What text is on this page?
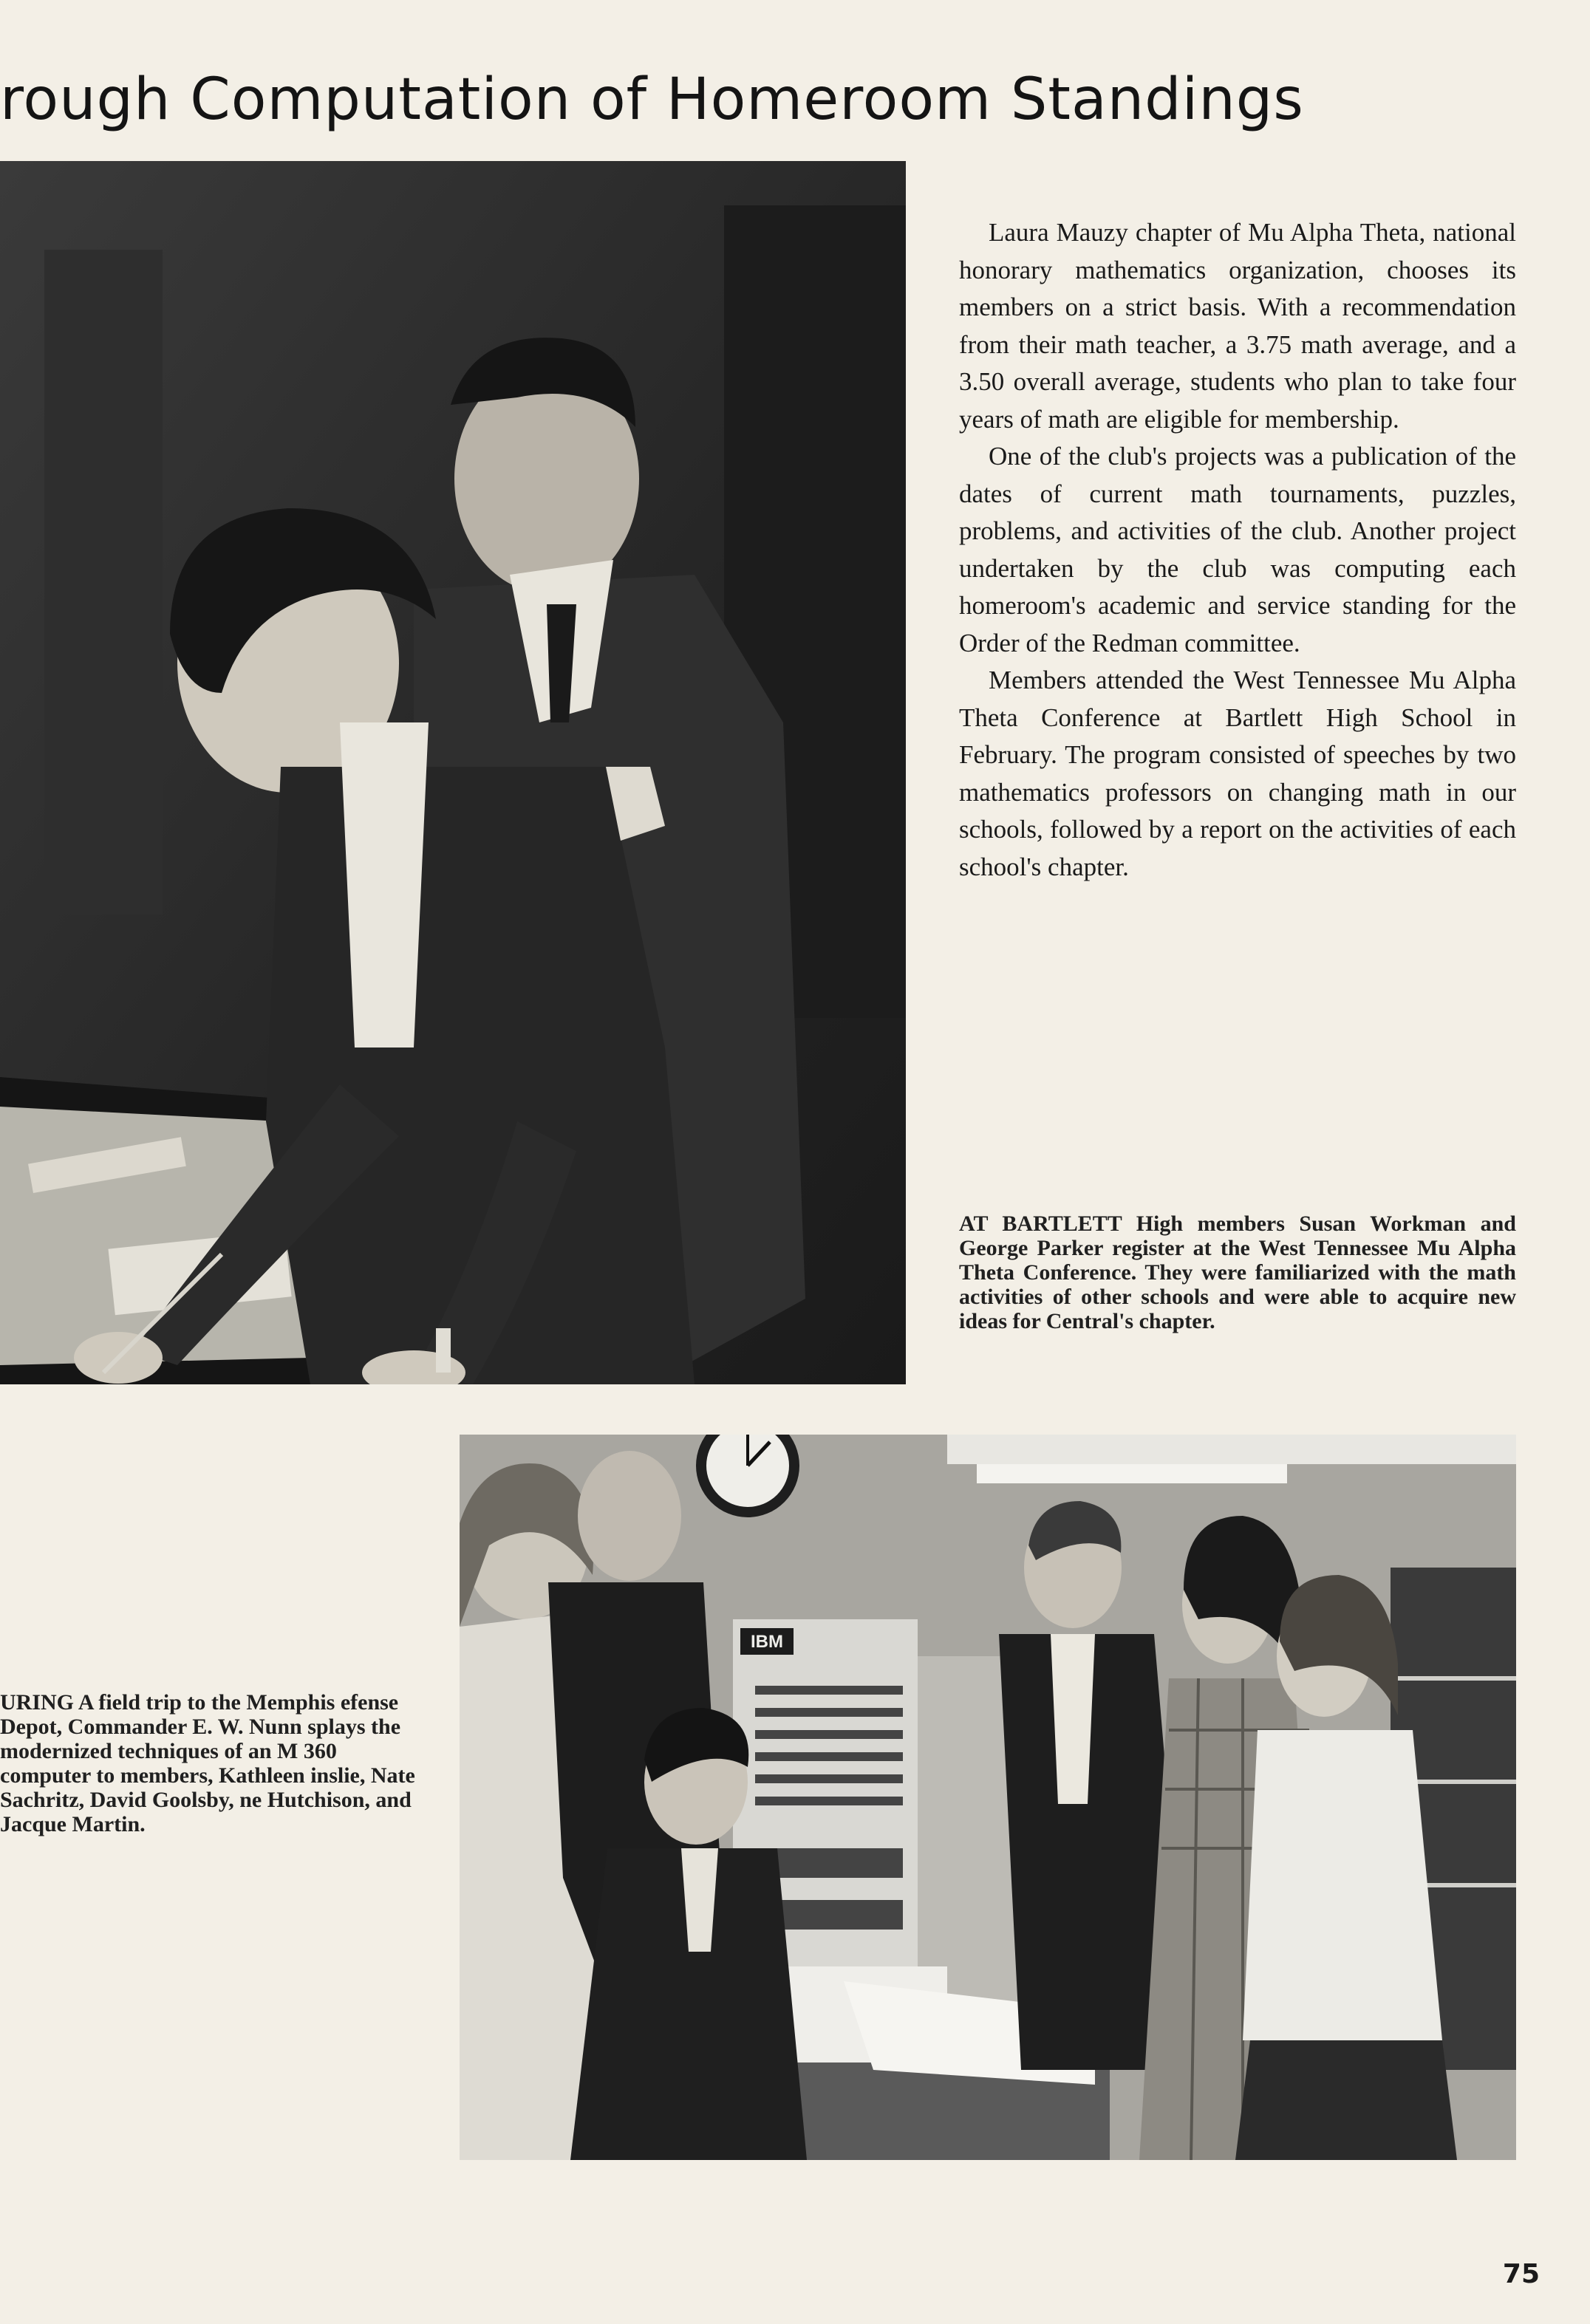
rough Computation of Homeroom Standings

Laura Mauzy chapter of Mu Alpha Theta, national honorary mathematics organization, chooses its members on a strict basis. With a recommendation from their math teacher, a 3.75 math average, and a 3.50 overall average, students who plan to take four years of math are eligible for membership.

One of the club's projects was a publication of the dates of current math tournaments, puzzles, problems, and activities of the club. Another project undertaken by the club was computing each homeroom's academic and service standing for the Order of the Redman committee.

Members attended the West Tennessee Mu Alpha Theta Conference at Bartlett High School in February. The program consisted of speeches by two mathematics professors on changing math in our schools, followed by a report on the activities of each school's chapter.

AT BARTLETT High members Susan Workman and George Parker register at the West Tennessee Mu Alpha Theta Conference. They were familiarized with the math activities of other schools and were able to acquire new ideas for Central's chapter.

IBM

URING A field trip to the Memphis efense Depot, Commander E. W. Nunn splays the modernized techniques of an M 360 computer to members, Kathleen inslie, Nate Sachritz, David Goolsby, ne Hutchison, and Jacque Martin.

75
